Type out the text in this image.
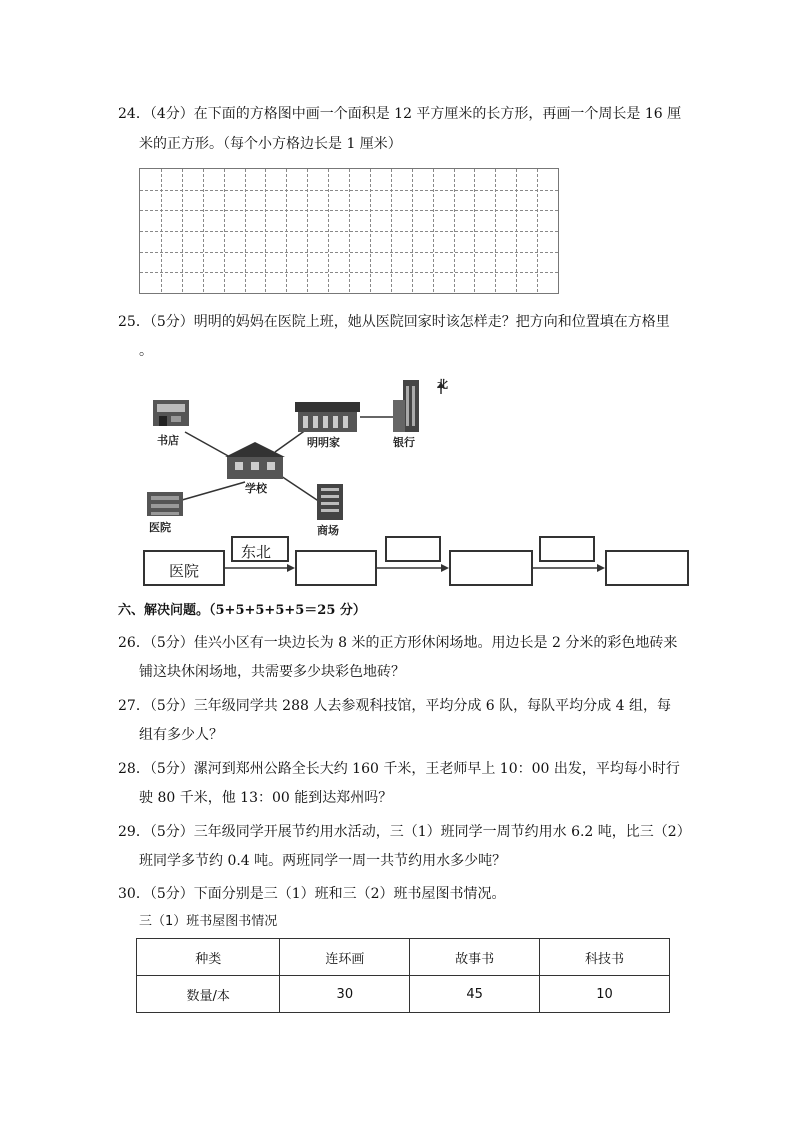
24．（4分）在下面的方格图中画一个面积是 12 平方厘米的长方形，再画一个周长是 16 厘
米的正方形。（每个小方格边长是 1 厘米）
25．（5分）明明的妈妈在医院上班，她从医院回家时该怎样走？把方向和位置填在方格里
。
北
书店
学校
明明家	银行
医院	商场
医院
东北
六、解决问题。（5+5+5+5+5＝25 分）
26．（5分）佳兴小区有一块边长为 8 米的正方形休闲场地。用边长是 2 分米的彩色地砖来
铺这块休闲场地，共需要多少块彩色地砖？
27．（5分）三年级同学共 288 人去参观科技馆，平均分成 6 队，每队平均分成 4 组，每
组有多少人？
28．（5分）漯河到郑州公路全长大约 160 千米，王老师早上 10：00 出发，平均每小时行
驶 80 千米，他 13：00 能到达郑州吗？
29．（5分）三年级同学开展节约用水活动，三（1）班同学一周节约用水 6.2 吨，比三（2）
班同学多节约 0.4 吨。两班同学一周一共节约用水多少吨？
30．（5分）下面分别是三（1）班和三（2）班书屋图书情况。
三（1）班书屋图书情况
种类	连环画	故事书	科技书
数量/本	30	45	10
